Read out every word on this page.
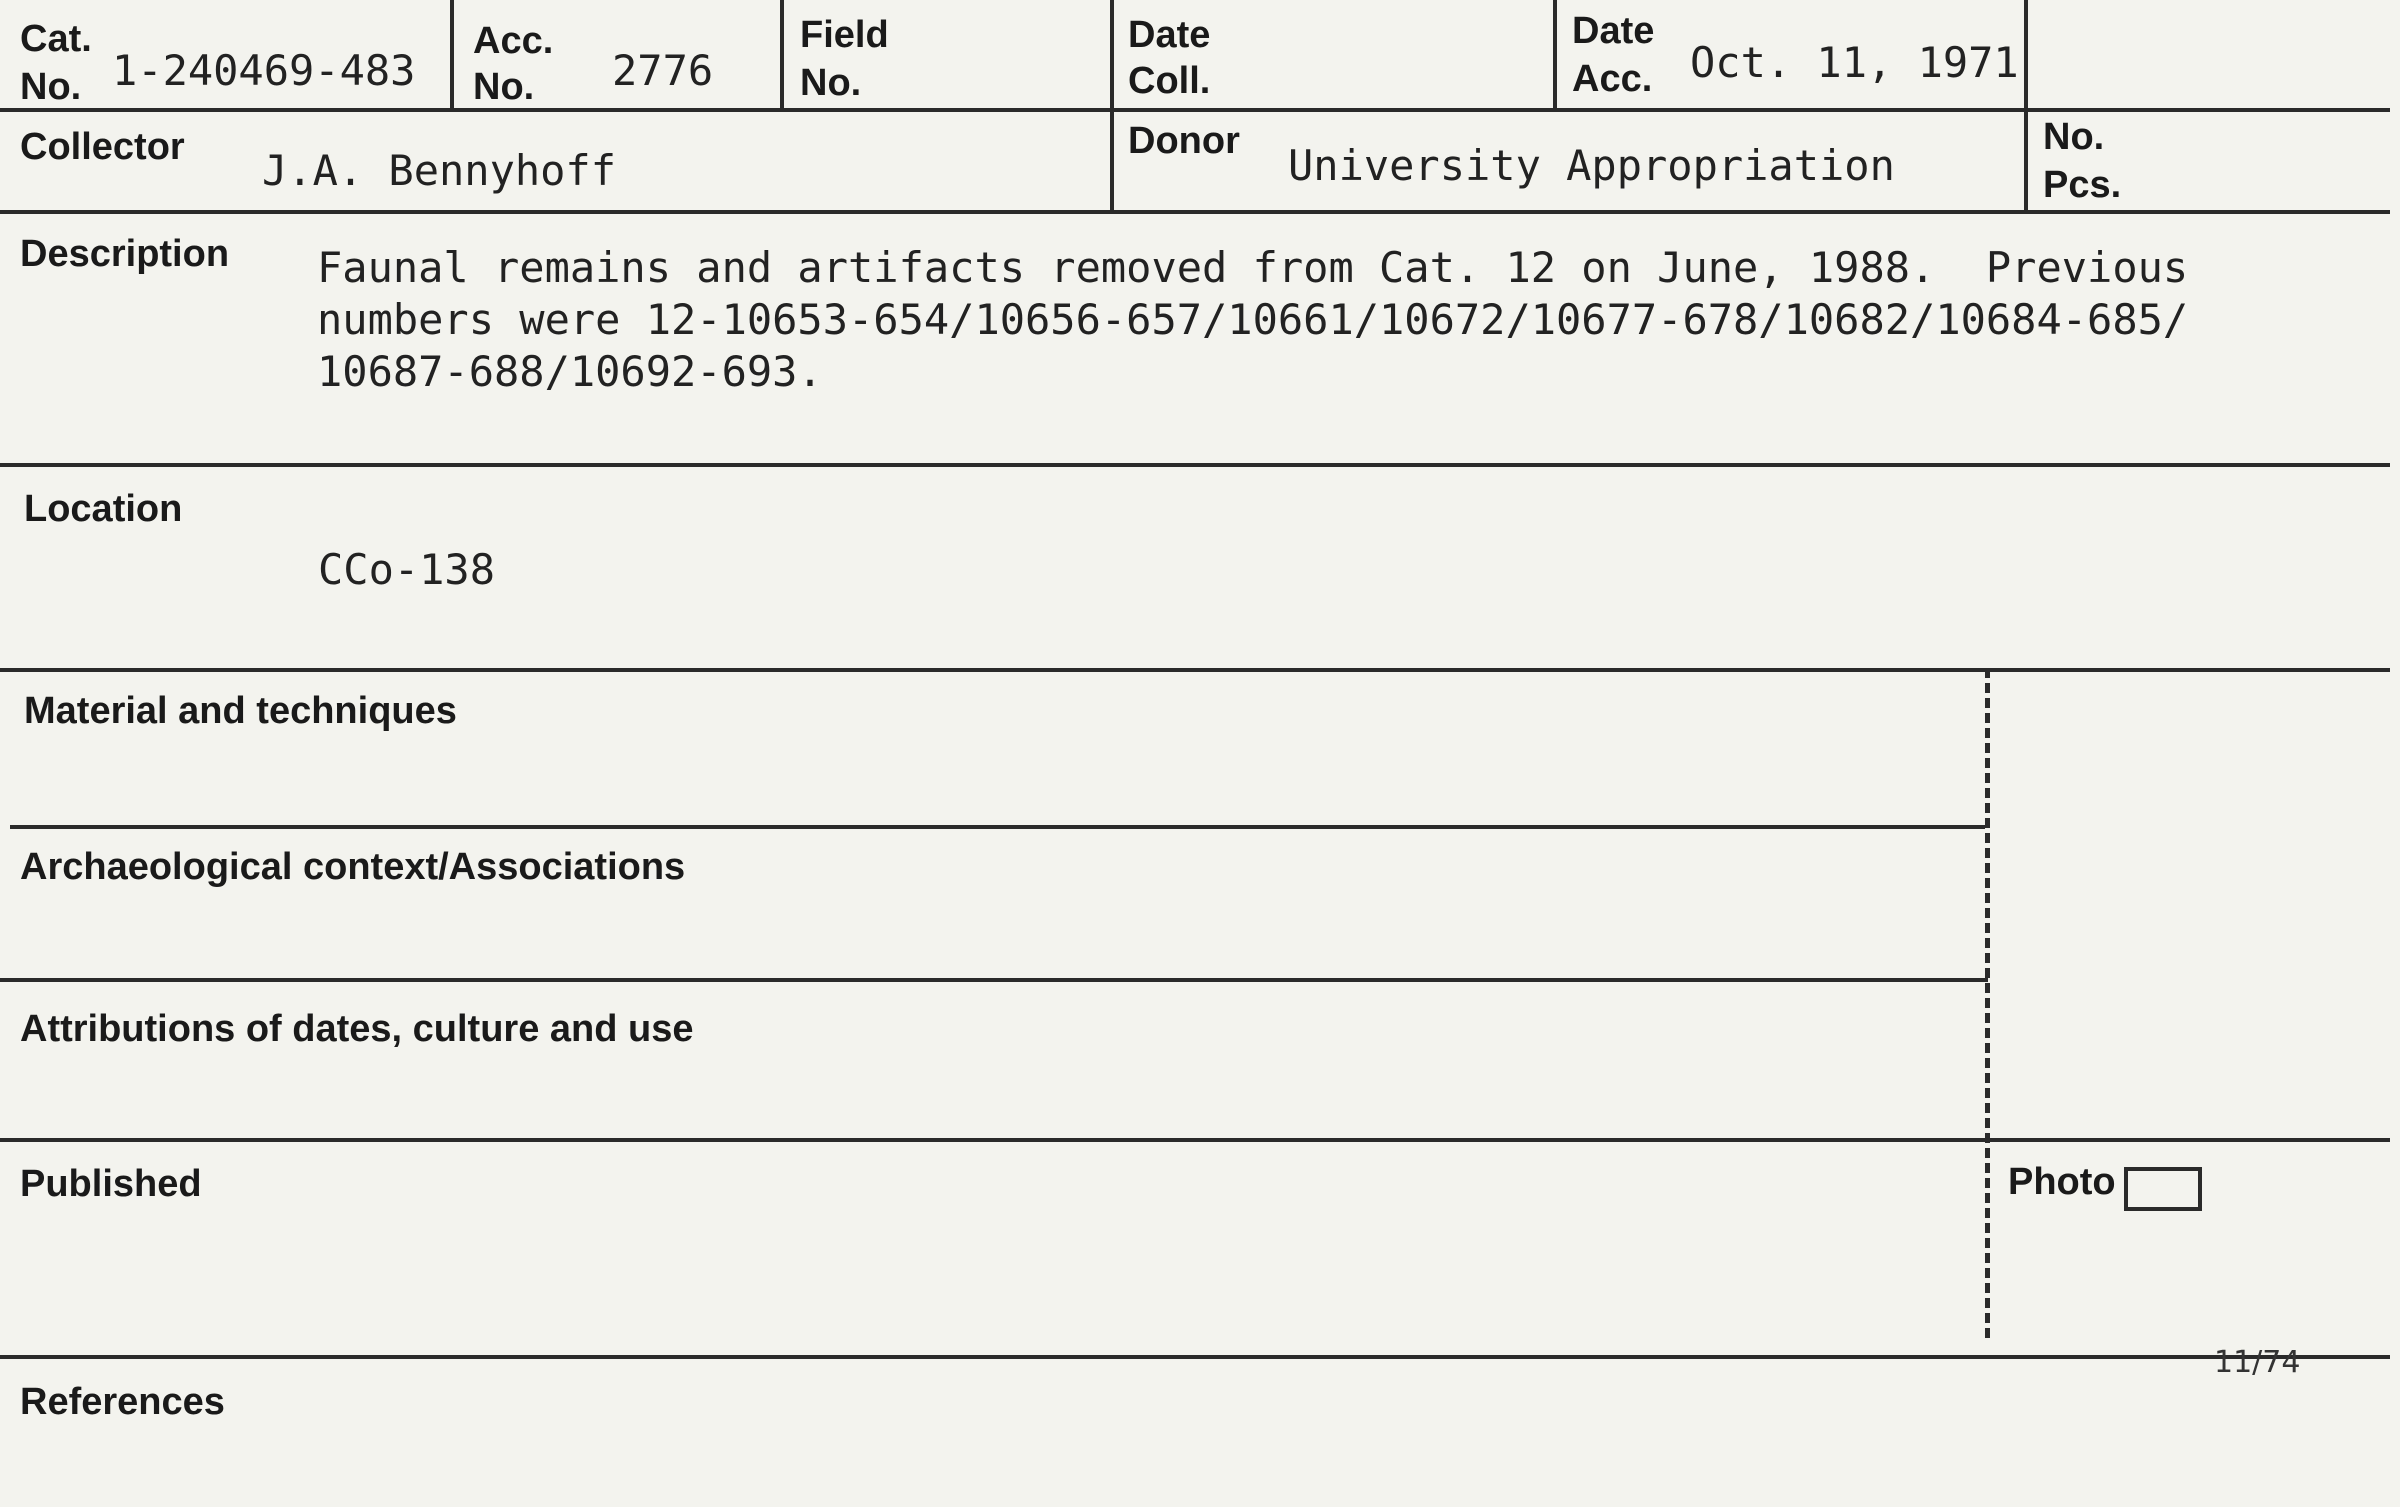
Cat.
No. 1-240469-483
Acc.
No. 2776
Field
No.
Date
Coll.
Date
Acc. Oct. 11, 1971
Collector J.A. Bennyhoff
Donor University Appropriation
No.
Pcs.
Description Faunal remains and artifacts removed from Cat. 12 on June, 1988.  Previous
numbers were 12-10653-654/10656-657/10661/10672/10677-678/10682/10684-685/
10687-688/10692-693.
Location
CCo-138
Material and techniques
Archaeological context/Associations
Attributions of dates, culture and use
Published	Photo
11/74
References
